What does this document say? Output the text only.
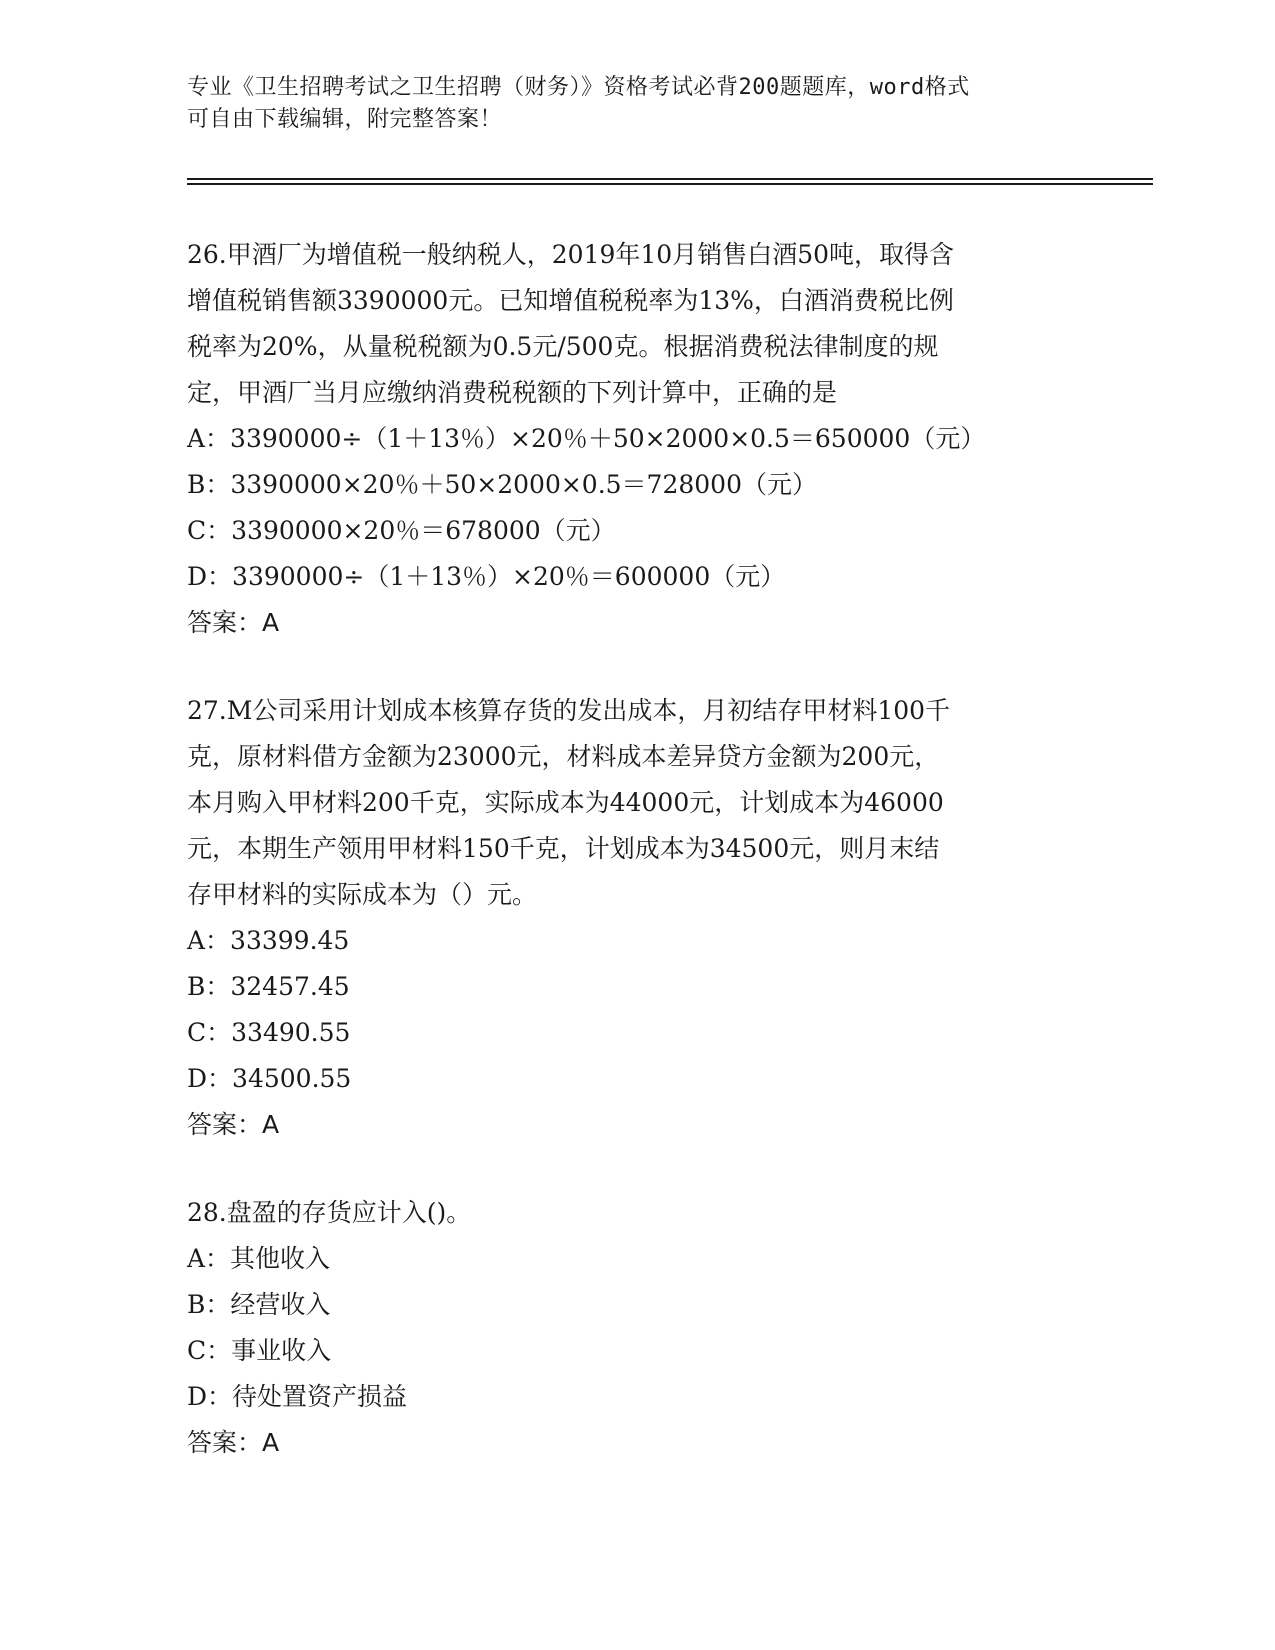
专业《卫生招聘考试之卫生招聘（财务）》资格考试必背200题题库，word格式
可自由下载编辑，附完整答案！
26.甲酒厂为增值税一般纳税人，2019年10月销售白酒50吨，取得含
增值税销售额3390000元。已知增值税税率为13%，白酒消费税比例
税率为20%，从量税税额为0.5元/500克。根据消费税法律制度的规
定，甲酒厂当月应缴纳消费税税额的下列计算中，正确的是
A：3390000÷（1＋13％）×20％＋50×2000×0.5＝650000（元）
B：3390000×20％＋50×2000×0.5＝728000（元）
C：3390000×20％＝678000（元）
D：3390000÷（1＋13％）×20％＝600000（元）
答案：A
27.M公司采用计划成本核算存货的发出成本，月初结存甲材料100千
克，原材料借方金额为23000元，材料成本差异贷方金额为200元，
本月购入甲材料200千克，实际成本为44000元，计划成本为46000
元，本期生产领用甲材料150千克，计划成本为34500元，则月末结
存甲材料的实际成本为（）元。
A：33399.45
B：32457.45
C：33490.55
D：34500.55
答案：A
28.盘盈的存货应计入()。
A：其他收入
B：经营收入
C：事业收入
D：待处置资产损益
答案：A
